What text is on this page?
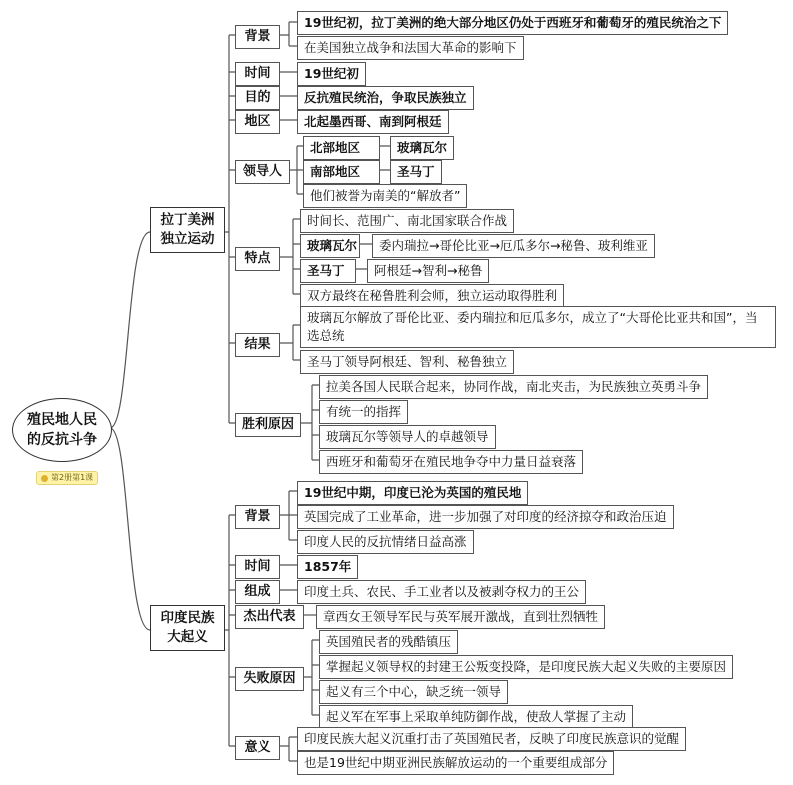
殖民地人民
的反抗斗争
第2册第1课
拉丁美洲
独立运动
背景
19世纪初，拉丁美洲的绝大部分地区仍处于西班牙和葡萄牙的殖民统治之下
在美国独立战争和法国大革命的影响下
时间	19世纪初
目的	反抗殖民统治，争取民族独立
地区	北起墨西哥、南到阿根廷
领导人
北部地区	玻璃瓦尔
南部地区	圣马丁
他们被誉为南美的“解放者”
特点
时间长、范围广、南北国家联合作战
玻璃瓦尔	委内瑞拉→哥伦比亚→厄瓜多尔→秘鲁、玻利维亚
圣马丁	阿根廷→智利→秘鲁
双方最终在秘鲁胜利会师，独立运动取得胜利
结果
玻璃瓦尔解放了哥伦比亚、委内瑞拉和厄瓜多尔，成立了“大哥伦比亚共和国”，当选总统
圣马丁领导阿根廷、智利、秘鲁独立
胜利原因
拉美各国人民联合起来，协同作战，南北夹击，为民族独立英勇斗争
有统一的指挥
玻璃瓦尔等领导人的卓越领导
西班牙和葡萄牙在殖民地争夺中力量日益衰落
印度民族
大起义
背景
19世纪中期，印度已沦为英国的殖民地
英国完成了工业革命，进一步加强了对印度的经济掠夺和政治压迫
印度人民的反抗情绪日益高涨
时间	1857年
组成	印度土兵、农民、手工业者以及被剥夺权力的王公
杰出代表	章西女王领导军民与英军展开激战，直到壮烈牺牲
失败原因
英国殖民者的残酷镇压
掌握起义领导权的封建王公叛变投降，是印度民族大起义失败的主要原因
起义有三个中心，缺乏统一领导
起义军在军事上采取单纯防御作战，使敌人掌握了主动
意义
印度民族大起义沉重打击了英国殖民者，反映了印度民族意识的觉醒
也是19世纪中期亚洲民族解放运动的一个重要组成部分
